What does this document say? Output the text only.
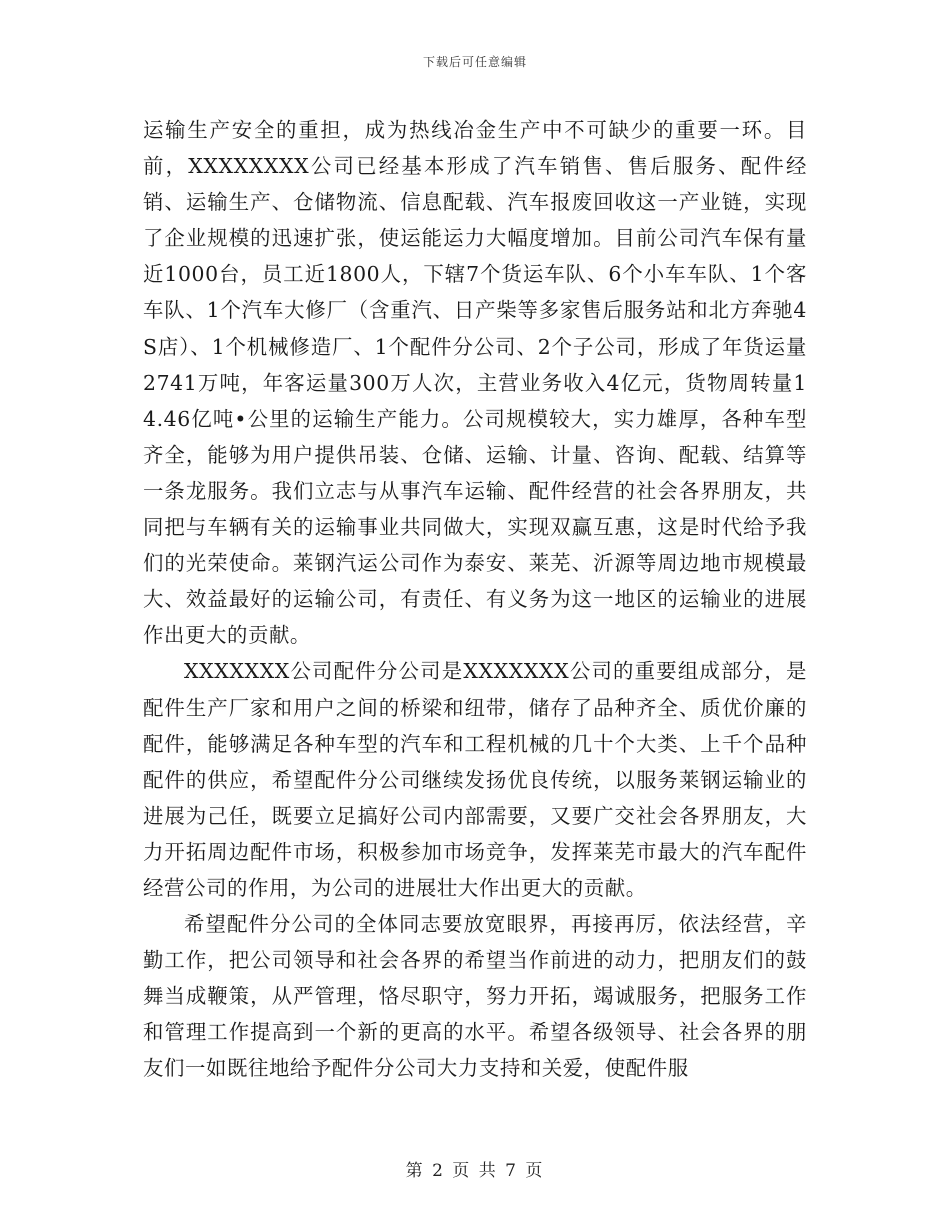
下载后可任意编辑

运输生产安全的重担，成为热线冶金生产中不可缺少的重要一环。目前，XXXXXXXX公司已经基本形成了汽车销售、售后服务、配件经销、运输生产、仓储物流、信息配载、汽车报废回收这一产业链，实现了企业规模的迅速扩张，使运能运力大幅度增加。目前公司汽车保有量近1000台，员工近1800人，下辖7个货运车队、6个小车车队、1个客车队、1个汽车大修厂（含重汽、日产柴等多家售后服务站和北方奔驰4S店）、1个机械修造厂、1个配件分公司、2个子公司，形成了年货运量2741万吨，年客运量300万人次，主营业务收入4亿元，货物周转量14.46亿吨•公里的运输生产能力。公司规模较大，实力雄厚，各种车型齐全，能够为用户提供吊装、仓储、运输、计量、咨询、配载、结算等一条龙服务。我们立志与从事汽车运输、配件经营的社会各界朋友，共同把与车辆有关的运输事业共同做大，实现双赢互惠，这是时代给予我们的光荣使命。莱钢汽运公司作为泰安、莱芜、沂源等周边地市规模最大、效益最好的运输公司，有责任、有义务为这一地区的运输业的进展作出更大的贡献。

XXXXXXX公司配件分公司是XXXXXXX公司的重要组成部分，是配件生产厂家和用户之间的桥梁和纽带，储存了品种齐全、质优价廉的配件，能够满足各种车型的汽车和工程机械的几十个大类、上千个品种配件的供应，希望配件分公司继续发扬优良传统，以服务莱钢运输业的进展为己任，既要立足搞好公司内部需要，又要广交社会各界朋友，大力开拓周边配件市场，积极参加市场竞争，发挥莱芜市最大的汽车配件经营公司的作用，为公司的进展壮大作出更大的贡献。

希望配件分公司的全体同志要放宽眼界，再接再厉，依法经营，辛勤工作，把公司领导和社会各界的希望当作前进的动力，把朋友们的鼓舞当成鞭策，从严管理，恪尽职守，努力开拓，竭诚服务，把服务工作和管理工作提高到一个新的更高的水平。希望各级领导、社会各界的朋友们一如既往地给予配件分公司大力支持和关爱，使配件服

第 2 页 共 7 页
